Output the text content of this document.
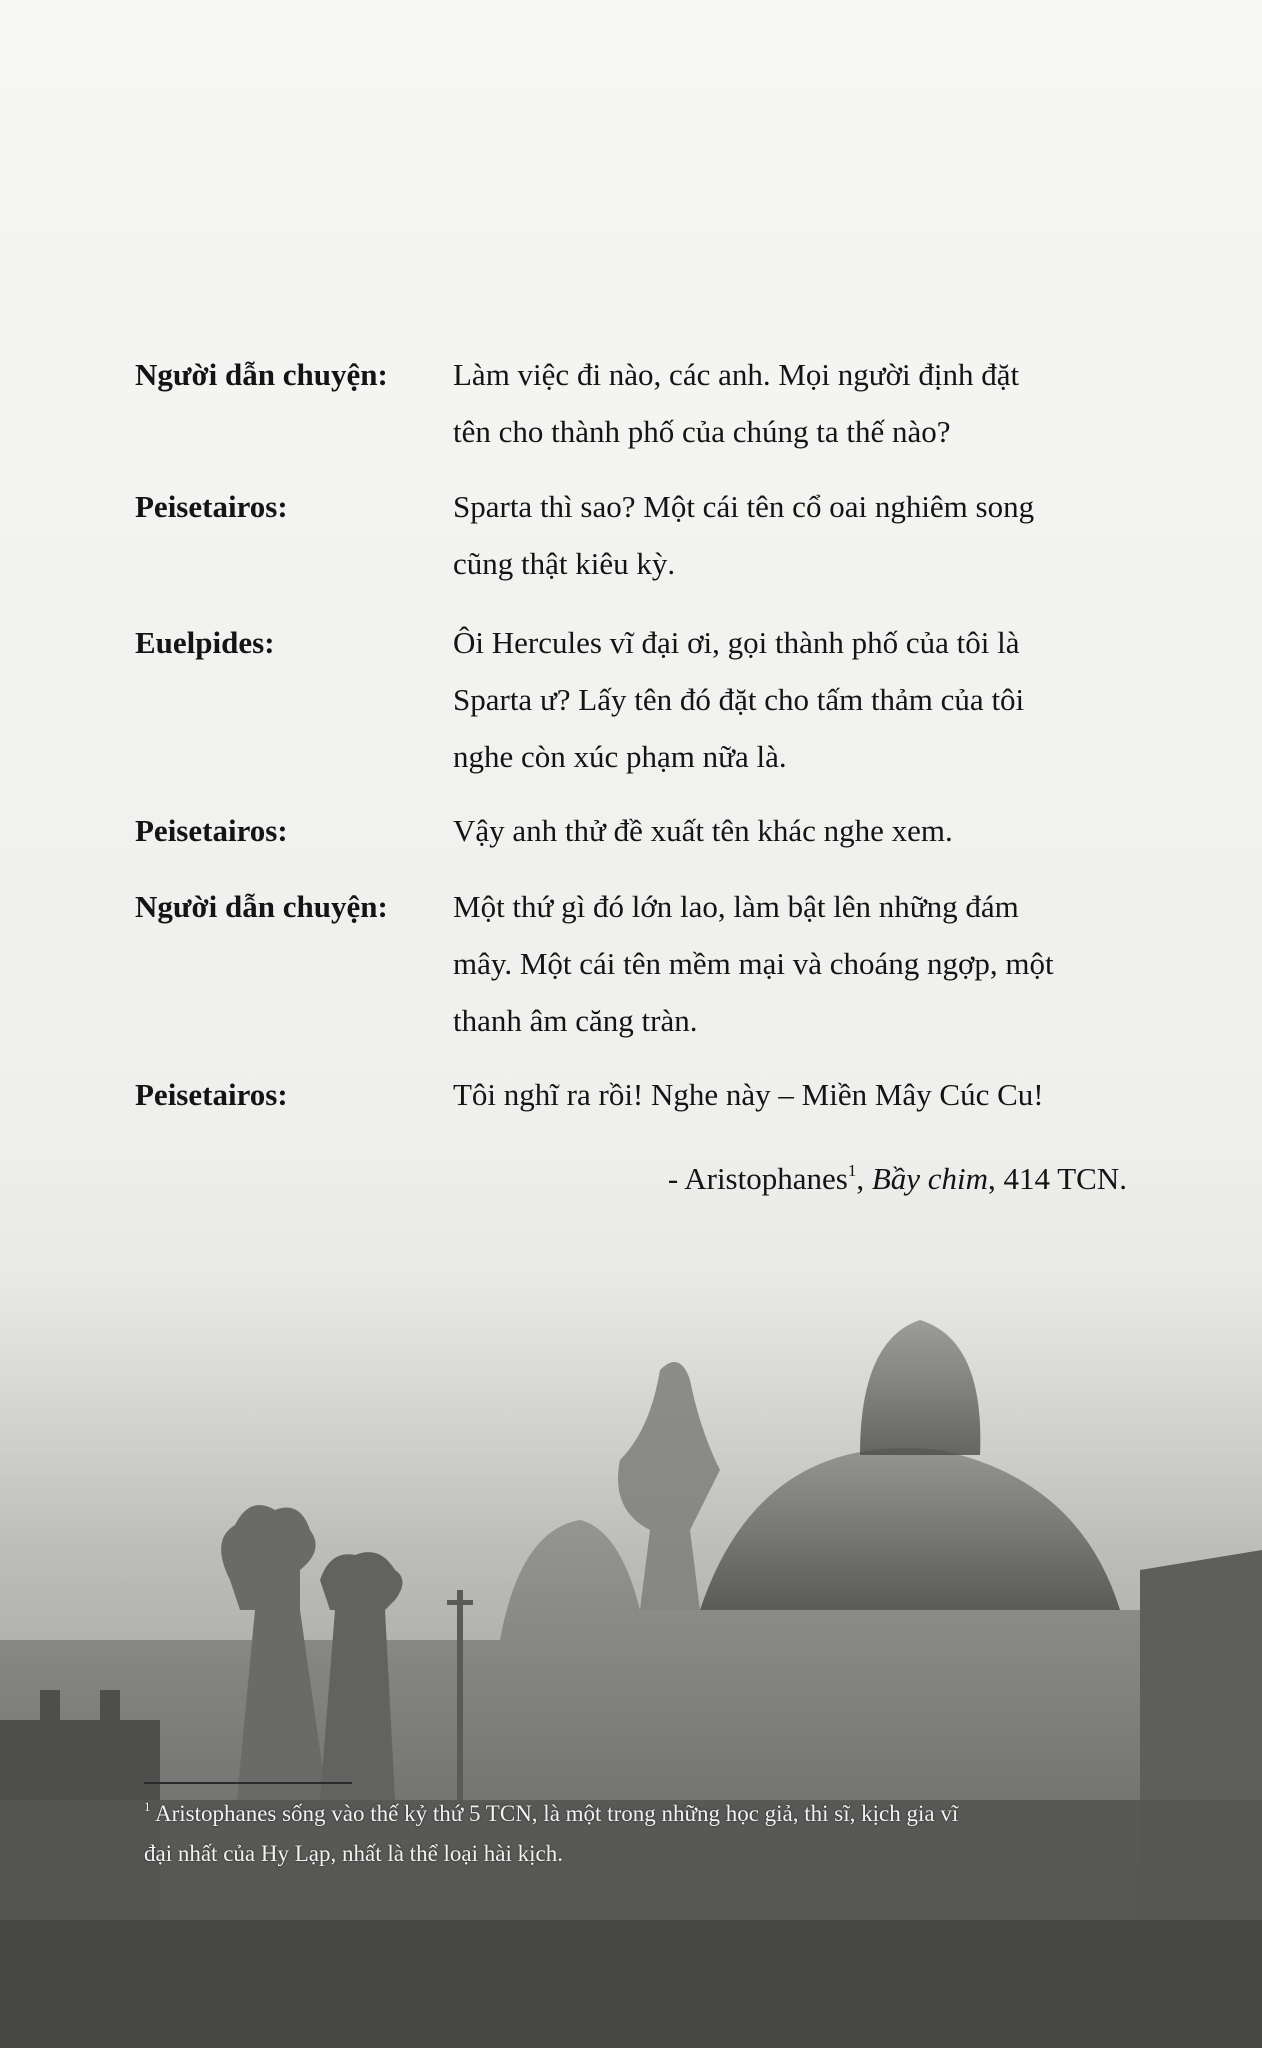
Người dẫn chuyện:	Làm việc đi nào, các anh. Mọi người định đặt
tên cho thành phố của chúng ta thế nào?
Peisetairos:	Sparta thì sao? Một cái tên cổ oai nghiêm song
cũng thật kiêu kỳ.
Euelpides:	Ôi Hercules vĩ đại ơi, gọi thành phố của tôi là
Sparta ư? Lấy tên đó đặt cho tấm thảm của tôi
nghe còn xúc phạm nữa là.
Peisetairos:	Vậy anh thử đề xuất tên khác nghe xem.
Người dẫn chuyện:	Một thứ gì đó lớn lao, làm bật lên những đám
mây. Một cái tên mềm mại và choáng ngợp, một
thanh âm căng tràn.
Peisetairos:	Tôi nghĩ ra rồi! Nghe này – Miền Mây Cúc Cu!
- Aristophanes$^1$, Bầy chim, 414 TCN.
$^1$ Aristophanes sống vào thế kỷ thứ 5 TCN, là một trong những học giả, thi sĩ, kịch gia vĩ
đại nhất của Hy Lạp, nhất là thể loại hài kịch.
